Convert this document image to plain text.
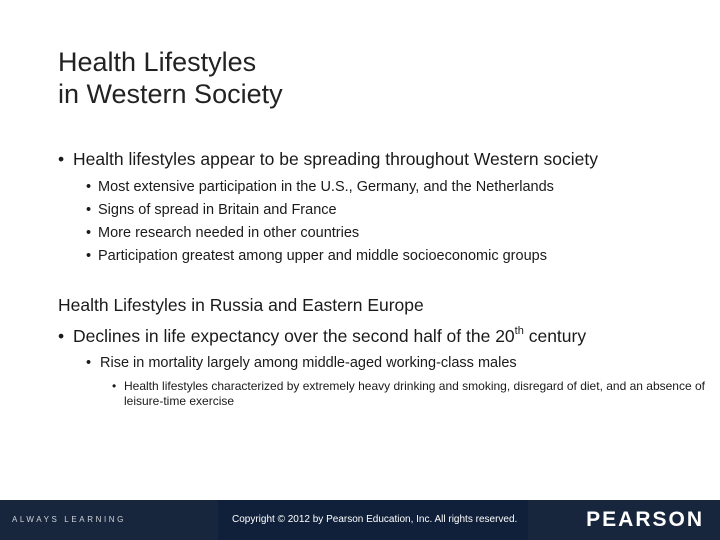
Health Lifestyles
in Western Society
• Health lifestyles appear to be spreading throughout Western society
• Most extensive participation in the U.S., Germany, and the Netherlands
• Signs of spread in Britain and France
• More research needed in other countries
• Participation greatest among upper and middle socioeconomic groups
Health Lifestyles in Russia and Eastern Europe
• Declines in life expectancy over the second half of the 20th century
• Rise in mortality largely among middle-aged working-class males
• Health lifestyles characterized by extremely heavy drinking and smoking, disregard of diet, and an absence of leisure-time exercise
ALWAYS LEARNING	Copyright © 2012 by Pearson Education, Inc. All rights reserved.	PEARSON
